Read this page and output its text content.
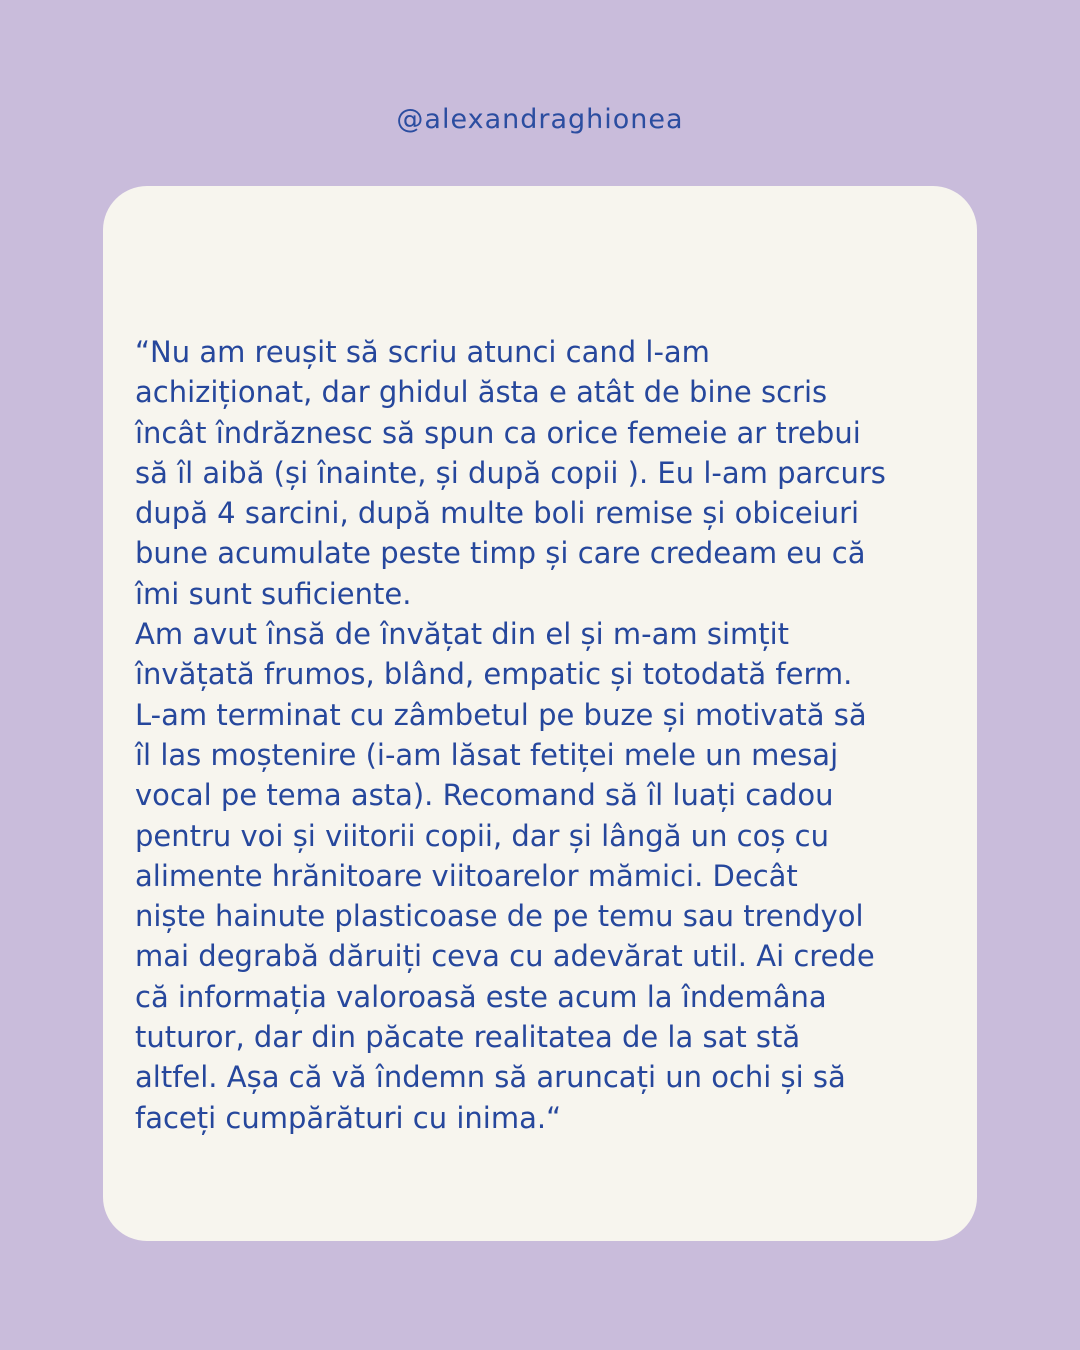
@alexandraghionea

“Nu am reușit să scriu atunci cand l-am
achiziționat, dar ghidul ăsta e atât de bine scris
încât îndrăznesc să spun ca orice femeie ar trebui
să îl aibă (și înainte, și după copii ). Eu l-am parcurs
după 4 sarcini, după multe boli remise și obiceiuri
bune acumulate peste timp și care credeam eu că
îmi sunt suficiente.
Am avut însă de învățat din el și m-am simțit
învățată frumos, blând, empatic și totodată ferm.
L-am terminat cu zâmbetul pe buze și motivată să
îl las moștenire (i-am lăsat fetiței mele un mesaj
vocal pe tema asta). Recomand să îl luați cadou
pentru voi și viitorii copii, dar și lângă un coș cu
alimente hrănitoare viitoarelor mămici. Decât
niște hainute plasticoase de pe temu sau trendyol
mai degrabă dăruiți ceva cu adevărat util. Ai crede
că informația valoroasă este acum la îndemâna
tuturor, dar din păcate realitatea de la sat stă
altfel. Așa că vă îndemn să aruncați un ochi și să
faceți cumpărături cu inima.“
